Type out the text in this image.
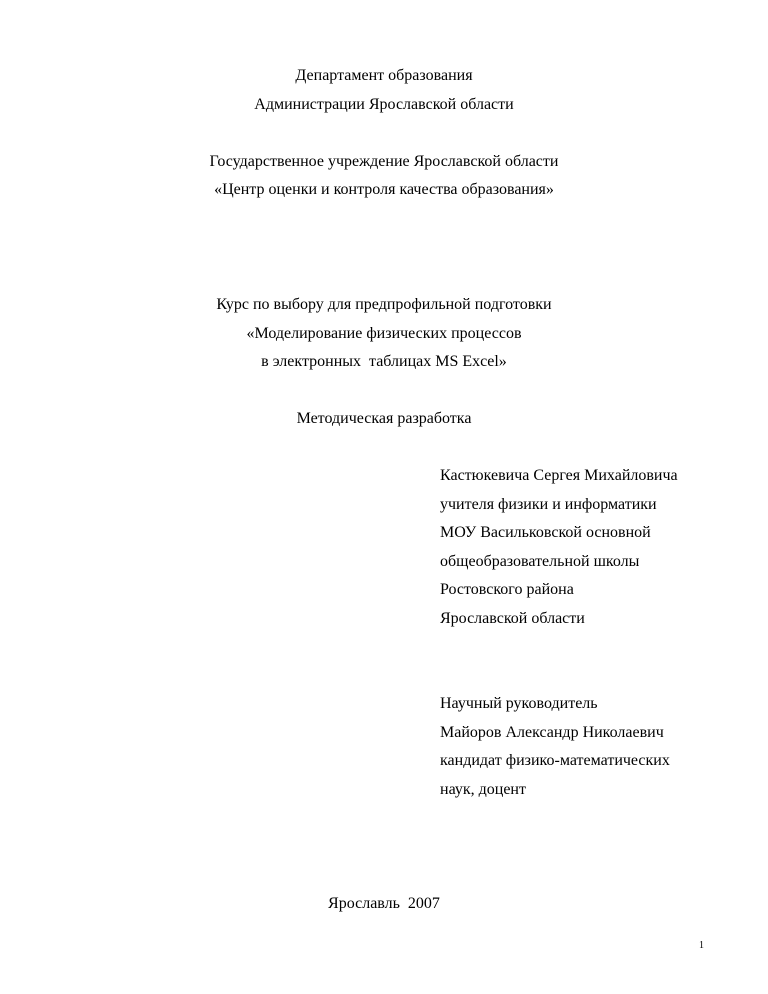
Департамент образования
Администрации Ярославской области
Государственное учреждение Ярославской области
«Центр оценки и контроля качества образования»
Курс по выбору для предпрофильной подготовки
«Моделирование физических процессов
в электронных  таблицах MS Excel»
Методическая разработка
Кастюкевича Сергея Михайловича
учителя физики и информатики
МОУ Васильковской основной
общеобразовательной школы
Ростовского района
Ярославской области
Научный руководитель
Майоров Александр Николаевич
кандидат физико-математических
наук, доцент
Ярославль  2007
1
